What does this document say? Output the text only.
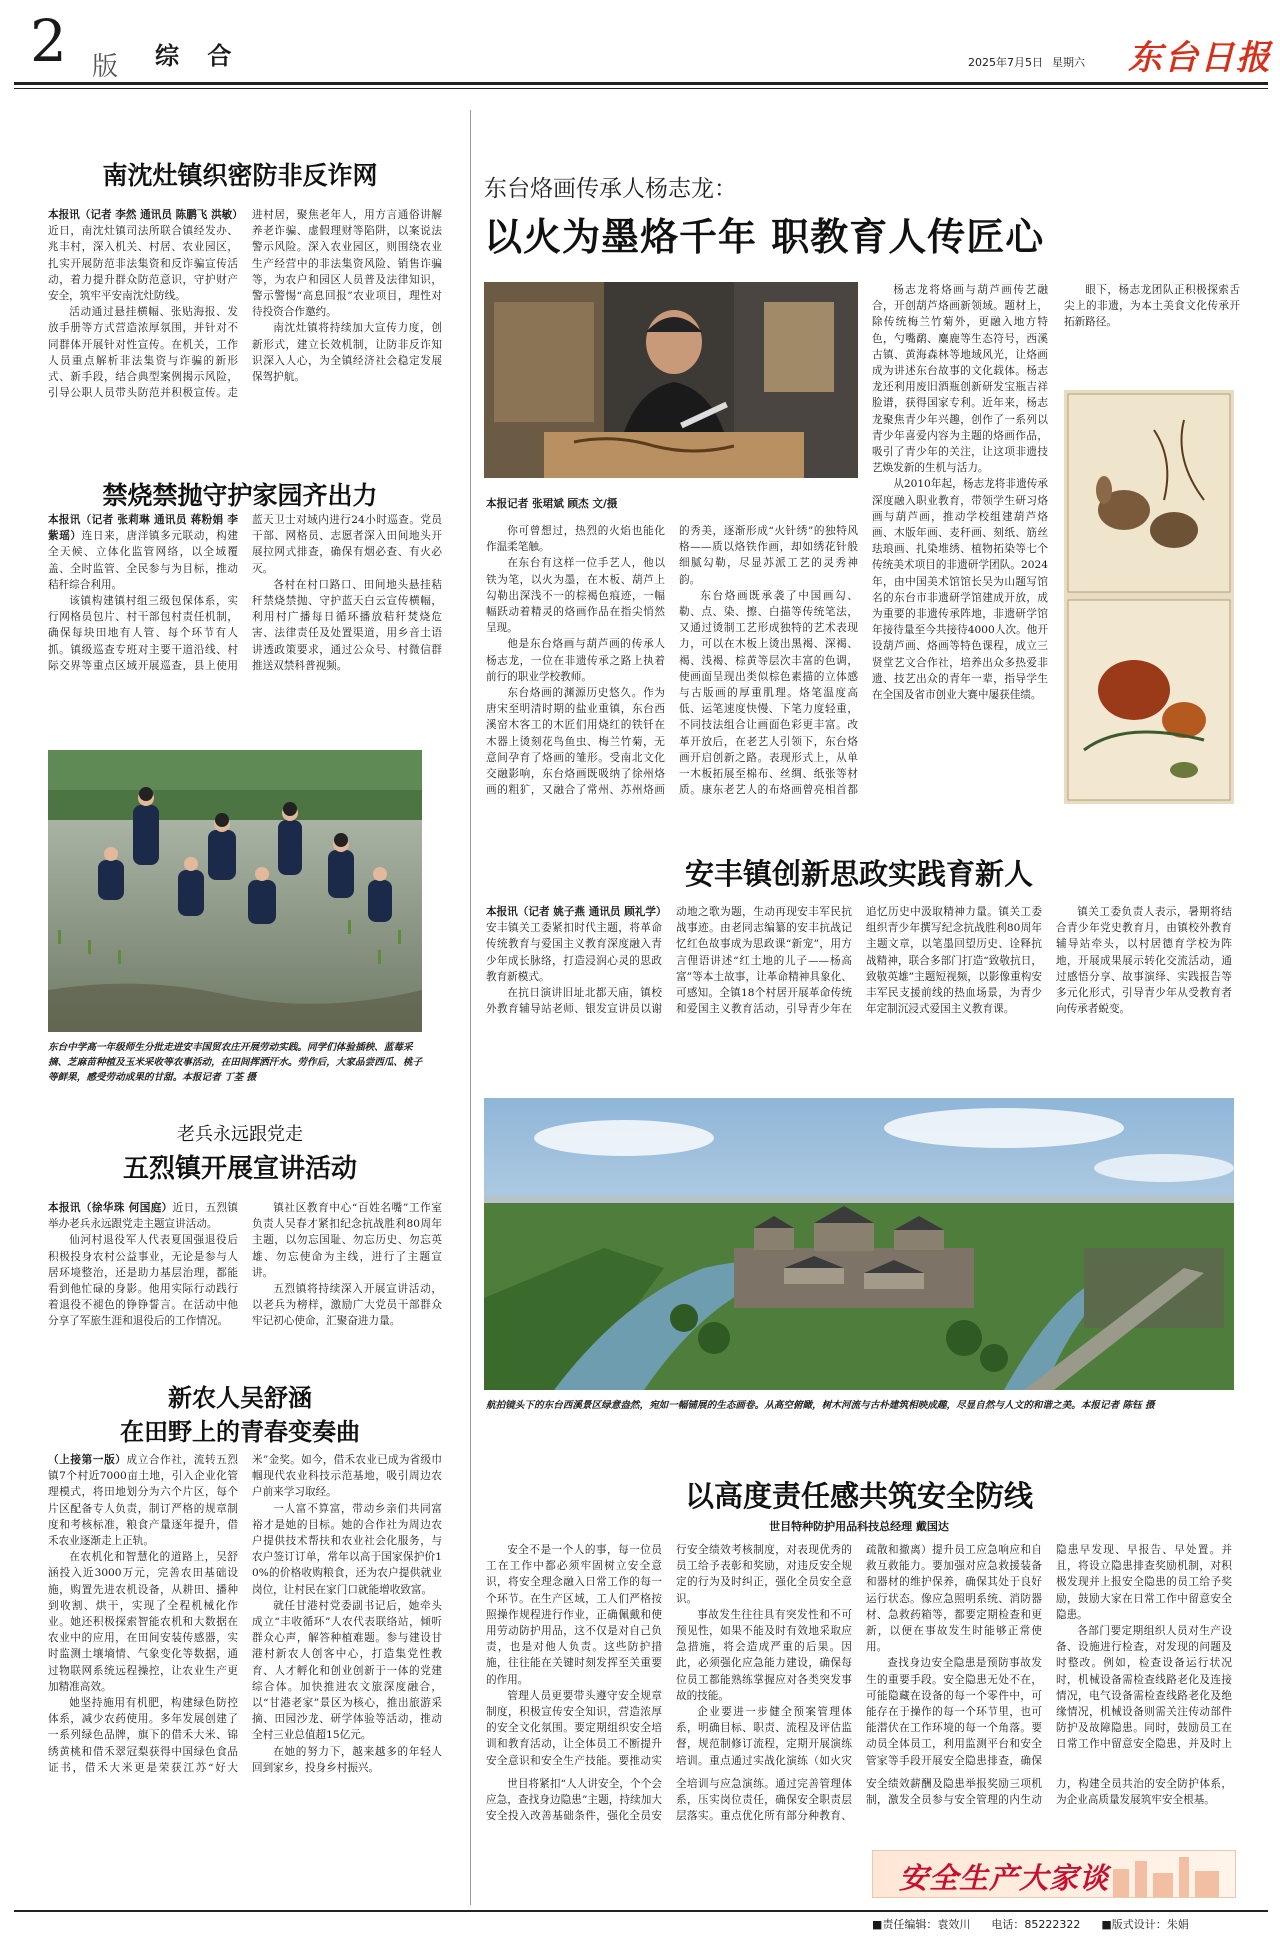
2 版 综 合	2025年7月5日 星期六 东台日报
南沈灶镇织密防非反诈网

本报讯（记者 李然 通讯员 陈鹏飞 洪敏）近日，南沈灶镇司法所联合镇经发办、兆丰村，深入机关、村居、农业园区，扎实开展防范非法集资和反诈骗宣传活动，着力提升群众防范意识，守护财产安全，筑牢平安南沈灶防线。

活动通过悬挂横幅、张贴海报、发放手册等方式营造浓厚氛围，并针对不同群体开展针对性宣传。在机关，工作人员重点解析非法集资与诈骗的新形式、新手段，结合典型案例揭示风险，引导公职人员带头防范并积极宣传。走进村居，聚焦老年人，用方言通俗讲解养老诈骗、虚假理财等陷阱，以案说法警示风险。深入农业园区，则围绕农业生产经营中的非法集资风险、销售诈骗等，为农户和园区人员普及法律知识，警示警惕“高息回报”农业项目，理性对待投资合作邀约。

南沈灶镇将持续加大宣传力度，创新形式，建立长效机制，让防非反诈知识深入人心，为全镇经济社会稳定发展保驾护航。

禁烧禁抛守护家园齐出力

本报讯（记者 张莉琳 通讯员 蒋粉娟 李紫瑶）连日来，唐洋镇多元联动，构建全天候、立体化监管网络，以全域覆盖、全时监管、全民参与为目标，推动秸秆综合利用。

该镇构建镇村组三级包保体系，实行网格员包片、村干部包村责任机制，确保每块田地有人管、每个环节有人抓。镇级巡查专班对主要干道沿线、村际交界等重点区域开展巡查，县上使用蓝天卫士对域内进行24小时巡查。党员干部、网格员、志愿者深入田间地头开展拉网式排查，确保有烟必查、有火必灭。

各村在村口路口、田间地头悬挂秸秆禁烧禁抛、守护蓝天白云宣传横幅，利用村广播每日循环播放秸秆焚烧危害、法律责任及处置渠道，用乡音土语讲透政策要求，通过公众号、村微信群推送双禁科普视频。

东台中学高一年级师生分批走进安丰国贸农庄开展劳动实践。同学们体验插秧、蓝莓采摘、芝麻苗种植及玉米采收等农事活动，在田间挥洒汗水。劳作后，大家品尝西瓜、桃子等鲜果，感受劳动成果的甘甜。本报记者 丁荃 摄
老兵永远跟党走
五烈镇开展宣讲活动

本报讯（徐华珠 何国庭）近日，五烈镇举办老兵永远跟党走主题宣讲活动。

仙河村退役军人代表夏国强退役后积极投身农村公益事业，无论是参与人居环境整治，还是助力基层治理，都能看到他忙碌的身影。他用实际行动践行着退役不褪色的铮铮誓言。在活动中他分享了军旅生涯和退役后的工作情况。

镇社区教育中心“百姓名嘴”工作室负责人吴春才紧扣纪念抗战胜利80周年主题，以勿忘国耻、勿忘历史、勿忘英雄、勿忘使命为主线，进行了主题宣讲。

五烈镇将持续深入开展宣讲活动，以老兵为榜样，激励广大党员干部群众牢记初心使命，汇聚奋进力量。

新农人吴舒涵
在田野上的青春变奏曲

（上接第一版）成立合作社，流转五烈镇7个村近7000亩土地，引入企业化管理模式，将田地划分为六个片区，每个片区配备专人负责，制订严格的规章制度和考核标准，粮食产量逐年提升，借禾农业逐渐走上正轨。

在农机化和智慧化的道路上，吴舒涵投入近3000万元，完善农田基础设施，购置先进农机设备，从耕田、播种到收割、烘干，实现了全程机械化作业。她还积极探索智能农机和大数据在农业中的应用，在田间安装传感器，实时监测土壤墒情、气象变化等数据，通过物联网系统远程操控，让农业生产更加精准高效。

她坚持施用有机肥，构建绿色防控体系，减少农药使用。多年发展创建了一系列绿色品牌，旗下的借禾大米、锦绣黄桃和借禾翠冠梨获得中国绿色食品证书，借禾大米更是荣获江苏“好大米”金奖。如今，借禾农业已成为省级巾帼现代农业科技示范基地，吸引周边农户前来学习取经。

一人富不算富，带动乡亲们共同富裕才是她的目标。她的合作社为周边农户提供技术帮扶和农业社会化服务，与农户签订订单，常年以高于国家保护价10%的价格收购粮食，还为农户提供就业岗位，让村民在家门口就能增收致富。

就任甘港村党委副书记后，她牵头成立“丰收循环”人农代表联络站，倾听群众心声，解答种植难题。参与建设甘港村新农人创客中心，打造集党性教育、人才孵化和创业创新于一体的党建综合体。加快推进农文旅深度融合，以“甘港老家”景区为核心，推出旅游采摘、田园沙龙、研学体验等活动，推动全村三业总值超15亿元。

在她的努力下，越来越多的年轻人回到家乡，投身乡村振兴。

东台烙画传承人杨志龙：
以火为墨烙千年 职教育人传匠心
本报记者 张珺斌 顾杰 文/摄

你可曾想过，热烈的火焰也能化作温柔笔触。

在东台有这样一位手艺人，他以铁为笔，以火为墨，在木板、葫芦上勾勒出深浅不一的棕褐色痕迹，一幅幅跃动着精灵的烙画作品在指尖悄然呈现。

他是东台烙画与葫芦画的传承人杨志龙，一位在非遗传承之路上执着前行的职业学校教师。

东台烙画的渊源历史悠久。作为唐宋至明清时期的盐业重镇，东台西溪窑木客工的木匠们用烧红的铁钎在木器上烫刻花鸟鱼虫、梅兰竹菊，无意间孕育了烙画的雏形。受南北文化交融影响，东台烙画既吸纳了徐州烙画的粗犷，又融合了常州、苏州烙画的秀美，逐渐形成“火针绣”的独特风格——质以烙铁作画，却如绣花针般细腻勾勒，尽显苏派工艺的灵秀神韵。

东台烙画既承袭了中国画勾、勒、点、染、擦、白描等传统笔法，又通过烫制工艺形成独特的艺术表现力，可以在木板上烫出黑褐、深褐、褐、浅褐、棕黄等层次丰富的色调，使画面呈现出类似棕色素描的立体感与古版画的厚重肌理。烙笔温度高低、运笔速度快慢、下笔力度轻重，不同技法组合让画面色彩更丰富。改革开放后，在老艺人引领下，东台烙画开启创新之路。表现形式上，从单一木板拓展至棉布、丝绸、纸张等材质。康东老艺人的布烙画曾亮相首都

杨志龙将烙画与葫芦画传艺融合，开创葫芦烙画新领域。题材上，除传统梅兰竹菊外，更融入地方特色，勺嘴鹬、麋鹿等生态符号，西溪古镇、黄海森林等地域风光，让烙画成为讲述东台故事的文化载体。杨志龙还利用废旧酒瓶创新研发宝瓶吉祥脸谱，获得国家专利。近年来，杨志龙聚焦青少年兴趣，创作了一系列以青少年喜爱内容为主题的烙画作品，吸引了青少年的关注，让这项非遗技艺焕发新的生机与活力。

从2010年起，杨志龙将非遗传承深度融入职业教育，带领学生研习烙画与葫芦画，推动学校组建葫芦烙画、木版年画、麦秆画、刻纸、筋丝珐琅画、扎染堆绣、植物拓染等七个传统美术项目的非遗研学团队。2024年，由中国美术馆馆长吴为山题写馆名的东台市非遗研学馆建成开放，成为重要的非遗传承阵地，非遗研学馆年接待量至今共接待4000人次。他开设葫芦画、烙画等特色课程，成立三贤堂艺文合作社，培养出众多热爱非遗、技艺出众的青年一辈，指导学生在全国及省市创业大赛中屡获佳绩。

眼下，杨志龙团队正积极探索舌尖上的非遗，为本土美食文化传承开拓新路径。

安丰镇创新思政实践育新人

本报讯（记者 姚子燕 通讯员 顾礼学）安丰镇关工委紧扣时代主题，将革命传统教育与爱国主义教育深度融入青少年成长脉络，打造浸润心灵的思政教育新模式。

在抗日演讲旧址北都天庙，镇校外教育辅导站老师、银发宣讲员以谢动地之歌为题，生动再现安丰军民抗战事迹。由老同志编纂的安丰抗战记忆红色故事成为思政课“新宠”，用方言俚语讲述“红土地的儿子——杨高富”等本土故事，让革命精神具象化、可感知。全镇18个村居开展革命传统和爱国主义教育活动，引导青少年在追忆历史中汲取精神力量。镇关工委组织青少年撰写纪念抗战胜利80周年主题文章，以笔墨回望历史、诠释抗战精神，联合多部门打造“致敬抗日，致敬英雄”主题短视频，以影像重构安丰军民支援前线的热血场景，为青少年定制沉浸式爱国主义教育课。

镇关工委负责人表示，暑期将结合青少年党史教育月，由镇校外教育辅导站牵头，以村居德育学校为阵地，开展成果展示转化交流活动，通过感悟分享、故事演绎、实践报告等多元化形式，引导青少年从受教育者向传承者蜕变。

航拍镜头下的东台西溪景区绿意盎然，宛如一幅铺展的生态画卷。从高空俯瞰，树木河流与古朴建筑相映成趣，尽显自然与人文的和谐之美。本报记者 陈钰 摄
以高度责任感共筑安全防线
世目特种防护用品科技总经理 戴国达

安全不是一个人的事，每一位员工在工作中都必须牢固树立安全意识，将安全理念融入日常工作的每一个环节。在生产区域，工人们严格按照操作规程进行作业，正确佩戴和使用劳动防护用品，这不仅是对自己负责，也是对他人负责。这些防护措施，往往能在关键时刻发挥至关重要的作用。

管理人员更要带头遵守安全规章制度，积极宣传安全知识，营造浓厚的安全文化氛围。要定期组织安全培训和教育活动，让全体员工不断提升安全意识和安全生产技能。要推动实行安全绩效考核制度，对表现优秀的员工给予表彰和奖励，对违反安全规定的行为及时纠正，强化全员安全意识。

事故发生往往具有突发性和不可预见性，如果不能及时有效地采取应急措施，将会造成严重的后果。因此，必须强化应急能力建设，确保每位员工都能熟练掌握应对各类突发事故的技能。

企业要进一步健全预案管理体系，明确目标、职责、流程及评估监督，规范制修订流程，定期开展演练培训。重点通过实战化演练（如火灾疏散和撤离）提升员工应急响应和自救互救能力。要加强对应急救援装备和器材的维护保养，确保其处于良好运行状态。像应急照明系统、消防器材、急救药箱等，都要定期检查和更新，以便在事故发生时能够正常使用。

查找身边安全隐患是预防事故发生的重要手段。安全隐患无处不在，可能隐藏在设备的每一个零件中，可能存在于操作的每一个环节里，也可能潜伏在工作环境的每一个角落。要动员全体员工，利用监测平台和安全管家等手段开展安全隐患排查，确保隐患早发现、早报告、早处置。并且，将设立隐患排查奖励机制，对积极发现并上报安全隐患的员工给予奖励，鼓励大家在日常工作中留意安全隐患。

各部门要定期组织人员对生产设备、设施进行检查，对发现的问题及时整改。例如，检查设备运行状况时，机械设备需检查线路老化及连接情况，电气设备需检查线路老化及绝缘情况，机械设备则需关注传动部件防护及故障隐患。同时，鼓励员工在日常工作中留意安全隐患，并及时上

世目将紧扣“人人讲安全，个个会应急，查找身边隐患”主题，持续加大安全投入改善基础条件，强化全员安全培训与应急演练。通过完善管理体系，压实岗位责任，确保安全职责层层落实。重点优化所有部分种教育、安全绩效薪酬及隐患举报奖励三项机制，激发全员参与安全管理的内生动力，构建全员共治的安全防护体系，为企业高质量发展筑牢安全根基。

安全生产大家谈
■责任编辑：袁效川 电话：85222322 ■版式设计：朱娟
